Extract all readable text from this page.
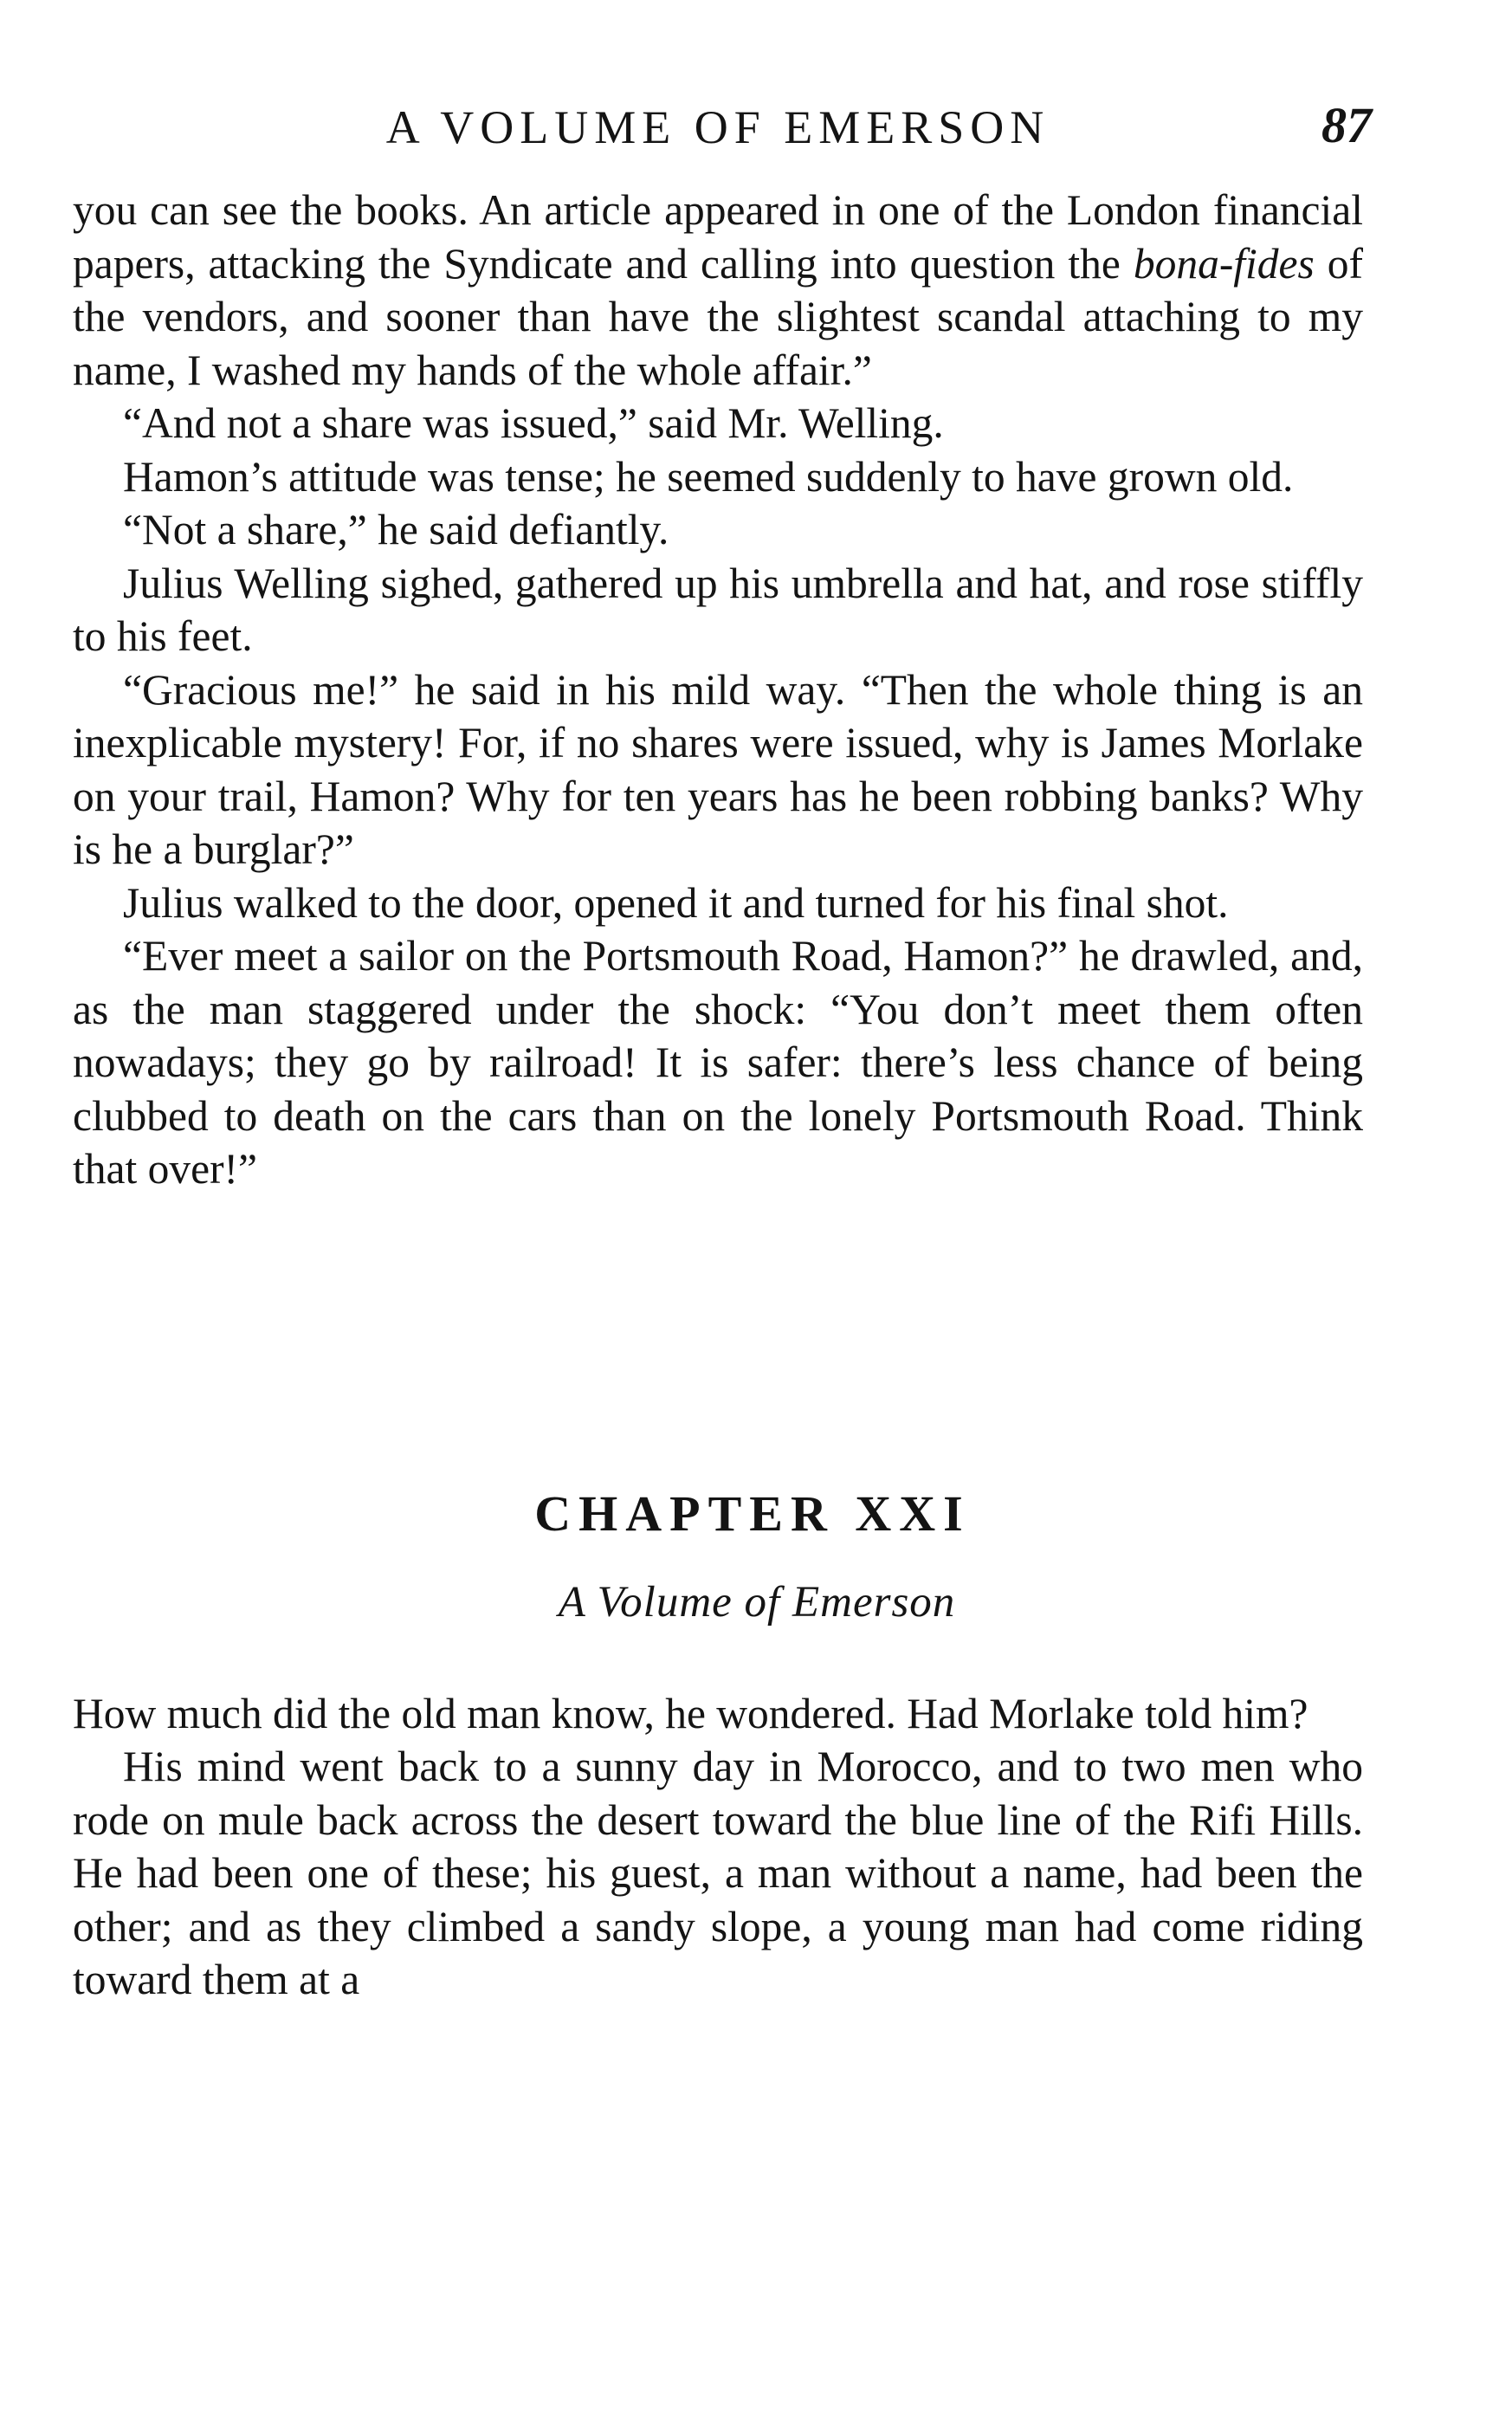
A VOLUME OF EMERSON	87

you can see the books. An article appeared in one of the London financial papers, attacking the Syndicate and calling into question the bona-fides of the vendors, and sooner than have the slightest scandal attaching to my name, I washed my hands of the whole affair.”

“And not a share was issued,” said Mr. Welling.

Hamon’s attitude was tense; he seemed suddenly to have grown old.

“Not a share,” he said defiantly.

Julius Welling sighed, gathered up his umbrella and hat, and rose stiffly to his feet.

“Gracious me!” he said in his mild way. “Then the whole thing is an inexplicable mystery! For, if no shares were issued, why is James Morlake on your trail, Hamon? Why for ten years has he been robbing banks? Why is he a burglar?”

Julius walked to the door, opened it and turned for his final shot.

“Ever meet a sailor on the Portsmouth Road, Hamon?” he drawled, and, as the man staggered under the shock: “You don’t meet them often nowadays; they go by railroad! It is safer: there’s less chance of being clubbed to death on the cars than on the lonely Portsmouth Road. Think that over!”

CHAPTER XXI
A Volume of Emerson

How much did the old man know, he wondered. Had Morlake told him?

His mind went back to a sunny day in Morocco, and to two men who rode on mule back across the desert toward the blue line of the Rifi Hills. He had been one of these; his guest, a man without a name, had been the other; and as they climbed a sandy slope, a young man had come riding toward them at a
